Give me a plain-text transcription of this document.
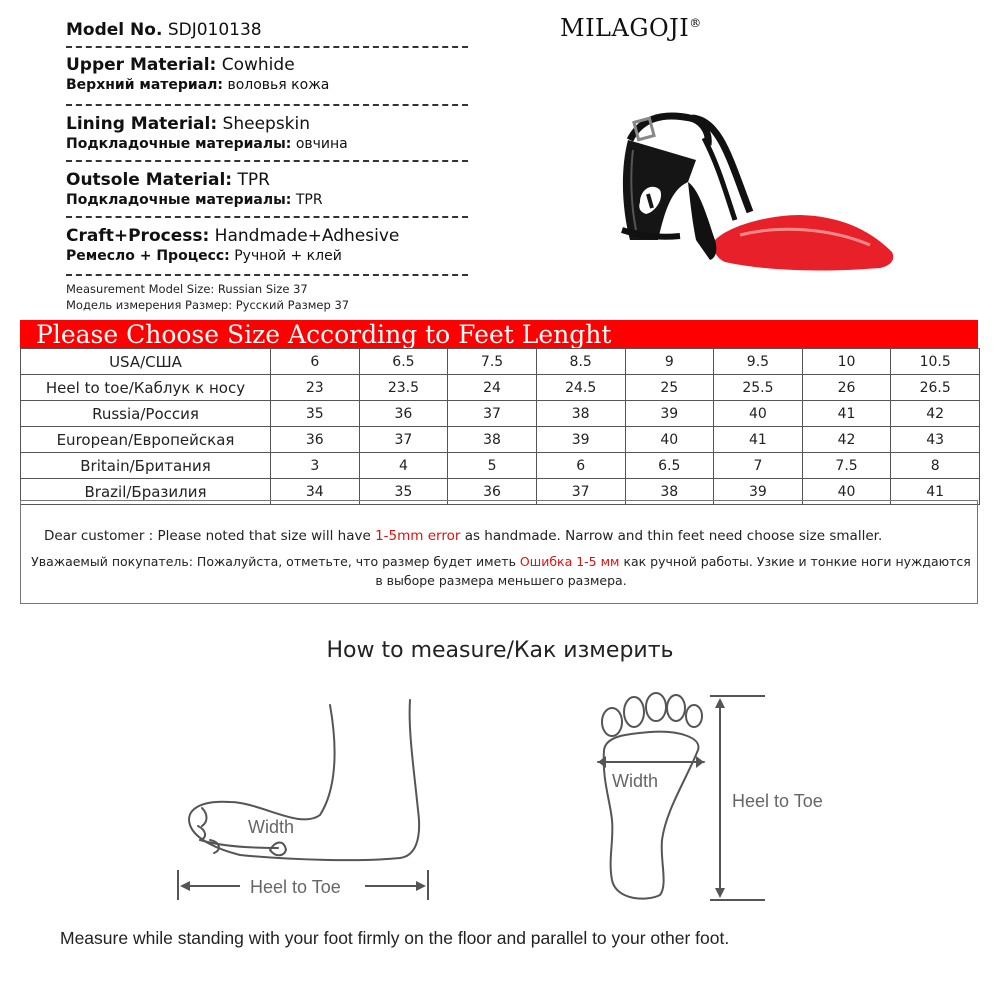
Model No. SDJ010138
Upper Material: Cowhide
Верхний материал: воловья кожа
Lining Material: Sheepskin
Подкладочные материалы: овчина
Outsole Material: TPR
Подкладочные материалы: TPR
Craft+Process: Handmade+Adhesive
Ремесло + Процесс: Ручной + клей
Measurement Model Size: Russian Size 37
Модель измерения Размер: Русский Размер 37
MILAGOJI®
Please Choose Size According to Feet Lenght
USA/CША	6	6.5	7.5	8.5	9	9.5	10	10.5
Heel to toe/Каблук к носу	23	23.5	24	24.5	25	25.5	26	26.5
Russia/Россия	35	36	37	38	39	40	41	42
European/Европейская	36	37	38	39	40	41	42	43
Britain/Британия	3	4	5	6	6.5	7	7.5	8
Brazil/Бразилия	34	35	36	37	38	39	40	41
Dear customer : Please noted that size will have 1-5mm error as handmade. Narrow and thin feet need choose size smaller.
Уважаемый покупатель: Пожалуйста, отметьте, что размер будет иметь Ошибка 1-5 мм как ручной работы. Узкие и тонкие ноги нуждаются в выборе размера меньшего размера.
How to measure/Как измерить
Width
Heel to Toe
Width
Heel to Toe
Measure while standing with your foot firmly on the floor and parallel to your other foot.
